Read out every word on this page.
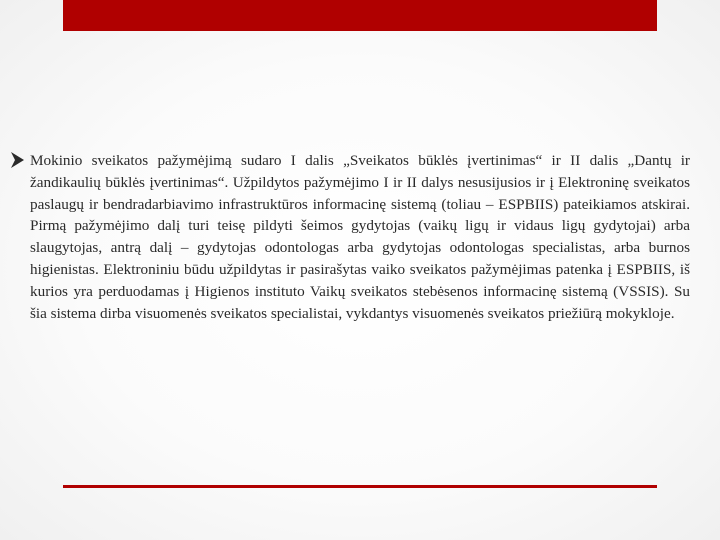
Mokinio sveikatos pažymėjimą sudaro I dalis „Sveikatos būklės įvertinimas“ ir II dalis „Dantų ir žandikaulių būklės įvertinimas“. Užpildytos pažymėjimo I ir II dalys nesusijusios ir į Elektroninę sveikatos paslaugų ir bendradarbiavimo infrastruktūros informacinę sistemą (toliau – ESPBIIS) pateikiamos atskirai. Pirmą pažymėjimo dalį turi teisę pildyti šeimos gydytojas (vaikų ligų ir vidaus ligų gydytojai) arba slaugytojas, antrą dalį – gydytojas odontologas arba gydytojas odontologas specialistas, arba burnos higienistas. Elektroniniu būdu užpildytas ir pasirašytas vaiko sveikatos pažymėjimas patenka į ESPBIIS, iš kurios yra perduodamas į Higienos instituto Vaikų sveikatos stebėsenos informacinę sistemą (VSSIS). Su šia sistema dirba visuomenės sveikatos specialistai, vykdantys visuomenės sveikatos priežiūrą mokykloje.
